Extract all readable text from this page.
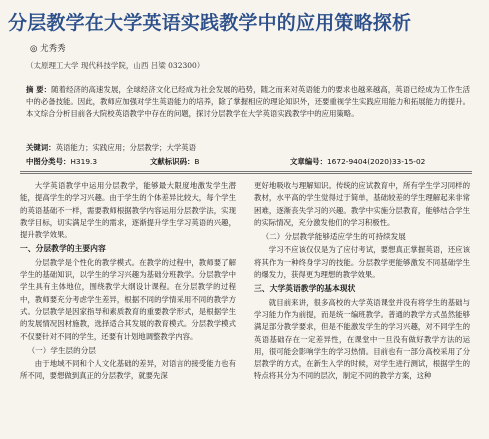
分层教学在大学英语实践教学中的应用策略探析
◎ 尤秀秀
（太原理工大学 现代科技学院，山西 吕梁 032300）
摘 要：随着经济的高速发展，全球经济文化已经成为社会发展的趋势，随之而来对英语能力的要求也越来越高，英语已经成为工作生活中的必备技能。因此，教师应加强对学生英语能力的培养，除了掌握相应的理论知识外，还要重视学生实践应用能力和拓展能力的提升。本文综合分析目前各大院校英语教学中存在的问题，探讨分层教学在大学英语实践教学中的应用策略。
关键词：英语能力；实践应用；分层教学；大学英语
中图分类号：H319.3	文献标识码：B	文章编号：1672-9404(2020)33-15-02

大学英语教学中运用分层教学，能够最大限度地激发学生潜能，提高学生的学习兴趣。由于学生的个体差异比较大，每个学生的英语基础不一样，需要教师根据教学内容运用分层教学法，实现教学目标，切实满足学生的需求，逐渐提升学生学习英语的兴趣，提升教学效果。

一、分层教学的主要内容

分层教学是个性化的教学模式。在教学的过程中，教师要了解学生的基础知识，以学生的学习兴趣为基础分班教学。分层教学中学生具有主体地位，围绕教学大纲设计课程。在分层教学的过程中，教师要充分考虑学生差异，根据不同的学情采用不同的教学方式。分层教学是因家指导和素质教育的重要教学形式，是根据学生的发展情况因材施教，选择适合其发展的教育模式。分层教学模式不仅要针对不同的学生，还要有计划地调整教学内容。

（一）学生层的分层

由于地域不同和个人文化基础的差异，对语言的接受能力也有所不同，要想做到真正的分层教学，就要先深

更好地吸收与理解知识。传统的应试教育中，所有学生学习同样的教材，水平高的学生觉得过于简单，基础较差的学生理解起来非常困难，逐渐丧失学习的兴趣。教学中实施分层教育，能够结合学生的实际情况，充分激发他们的学习积极性。

（二）分层教学能够适应学生的可持续发展

学习不应该仅仅是为了应付考试，要想真正掌握英语，还应该将其作为一种终身学习的技能。分层教学更能够激发不同基础学生的爆发力，获得更为理想的教学效果。

三、大学英语教学的基本现状

就目前来讲，很多高校的大学英语课堂并没有将学生的基础与学习能力作为前提，而是统一编班教学。普通的教学方式虽然能够满足部分教学要求，但是不能激发学生的学习兴趣，对不同学生的英语基础存在一定差异性，在课堂中一旦没有做好教学方法的运用，很可能会影响学生的学习热情。目前也有一部分高校采用了分层教学的方式，在新生入学的时候，对学生进行测试，根据学生的特点将其分为不同的层次，制定不同的教学方案，这种
